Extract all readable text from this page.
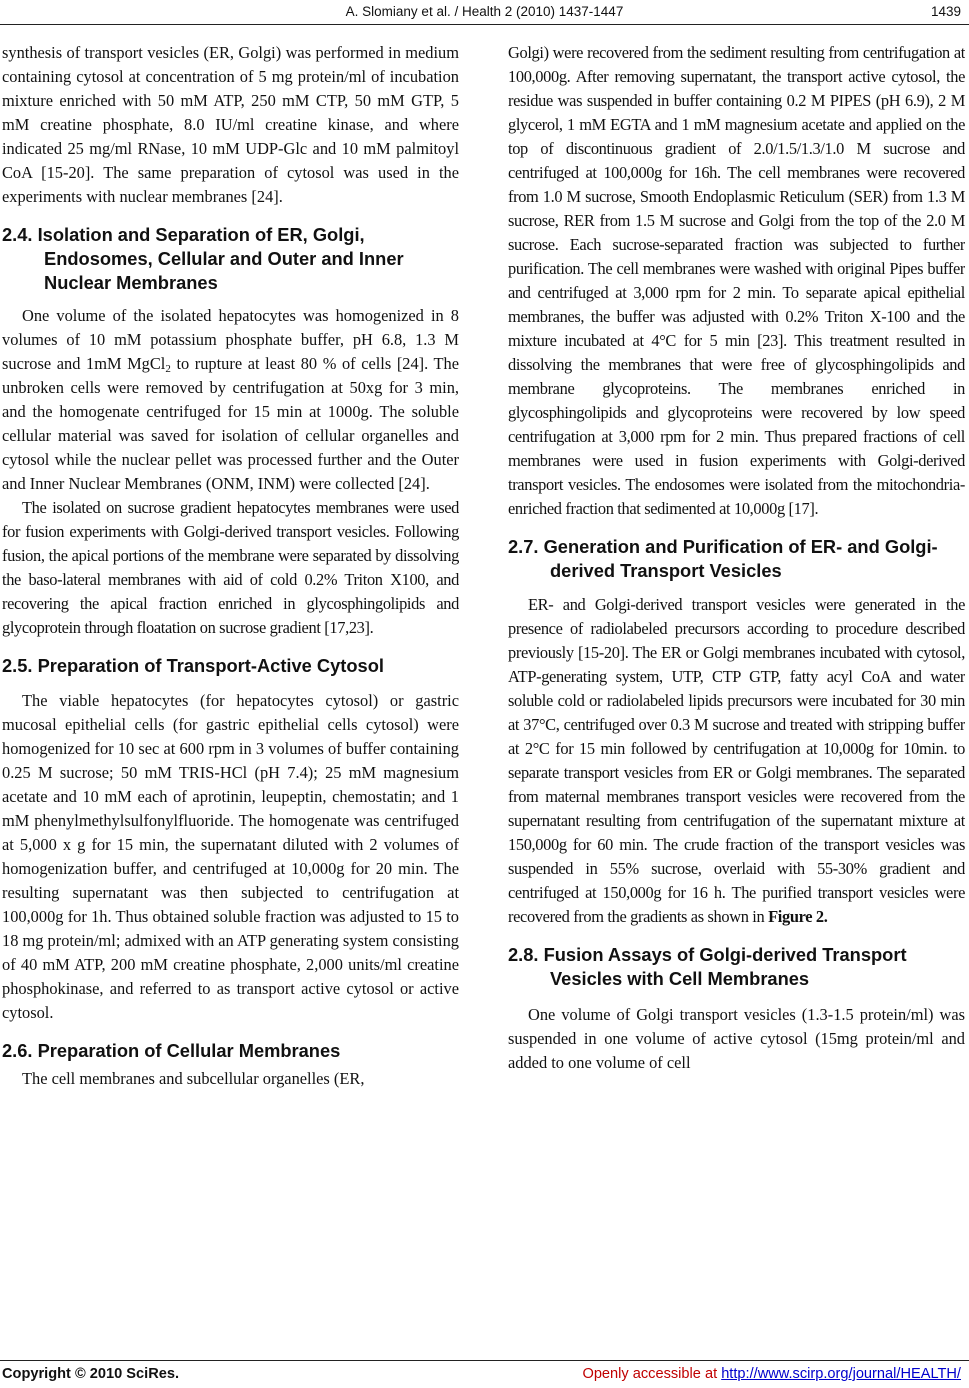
A. Slomiany et al. / Health 2 (2010) 1437-1447	1439

synthesis of transport vesicles (ER, Golgi) was performed in medium containing cytosol at concentration of 5 mg protein/ml of incubation mixture enriched with 50 mM ATP, 250 mM CTP, 50 mM GTP, 5 mM creatine phosphate, 8.0 IU/ml creatine kinase, and where indicated 25 mg/ml RNase, 10 mM UDP-Glc and 10 mM palmitoyl CoA [15-20]. The same preparation of cytosol was used in the experiments with nuclear membranes [24].

2.4. Isolation and Separation of ER, Golgi, Endosomes, Cellular and Outer and Inner Nuclear Membranes

One volume of the isolated hepatocytes was homogenized in 8 volumes of 10 mM potassium phosphate buffer, pH 6.8, 1.3 M sucrose and 1mM MgCl$_2$ to rupture at least 80 % of cells [24]. The unbroken cells were removed by centrifugation at 50xg for 3 min, and the homogenate centrifuged for 15 min at 1000g. The soluble cellular material was saved for isolation of cellular organelles and cytosol while the nuclear pellet was processed further and the Outer and Inner Nuclear Membranes (ONM, INM) were collected [24].

The isolated on sucrose gradient hepatocytes membranes were used for fusion experiments with Golgi-derived transport vesicles. Following fusion, the apical portions of the membrane were separated by dissolving the baso-lateral membranes with aid of cold 0.2% Triton X100, and recovering the apical fraction enriched in glycosphingolipids and glycoprotein through floatation on sucrose gradient [17,23].

2.5. Preparation of Transport-Active Cytosol

The viable hepatocytes (for hepatocytes cytosol) or gastric mucosal epithelial cells (for gastric epithelial cells cytosol) were homogenized for 10 sec at 600 rpm in 3 volumes of buffer containing 0.25 M sucrose; 50 mM TRIS-HCl (pH 7.4); 25 mM magnesium acetate and 10 mM each of aprotinin, leupeptin, chemostatin; and 1 mM phenylmethylsulfonylfluoride. The homogenate was centrifuged at 5,000 x g for 15 min, the supernatant diluted with 2 volumes of homogenization buffer, and centrifuged at 10,000g for 20 min. The resulting supernatant was then subjected to centrifugation at 100,000g for 1h. Thus obtained soluble fraction was adjusted to 15 to 18 mg protein/ml; admixed with an ATP generating system consisting of 40 mM ATP, 200 mM creatine phosphate, 2,000 units/ml creatine phosphokinase, and referred to as transport active cytosol or active cytosol.

2.6. Preparation of Cellular Membranes

The cell membranes and subcellular organelles (ER,

Golgi) were recovered from the sediment resulting from centrifugation at 100,000g. After removing supernatant, the transport active cytosol, the residue was suspended in buffer containing 0.2 M PIPES (pH 6.9), 2 M glycerol, 1 mM EGTA and 1 mM magnesium acetate and applied on the top of discontinuous gradient of 2.0/1.5/1.3/1.0 M sucrose and centrifuged at 100,000g for 16h. The cell membranes were recovered from 1.0 M sucrose, Smooth Endoplasmic Reticulum (SER) from 1.3 M sucrose, RER from 1.5 M sucrose and Golgi from the top of the 2.0 M sucrose. Each sucrose-separated fraction was subjected to further purification. The cell membranes were washed with original Pipes buffer and centrifuged at 3,000 rpm for 2 min. To separate apical epithelial membranes, the buffer was adjusted with 0.2% Triton X-100 and the mixture incubated at 4°C for 5 min [23]. This treatment resulted in dissolving the membranes that were free of glycosphingolipids and membrane glycoproteins. The membranes enriched in glycosphingolipids and glycoproteins were recovered by low speed centrifugation at 3,000 rpm for 2 min. Thus prepared fractions of cell membranes were used in fusion experiments with Golgi-derived transport vesicles. The endosomes were isolated from the mitochondria-enriched fraction that sedimented at 10,000g [17].

2.7. Generation and Purification of ER- and Golgi-derived Transport Vesicles

ER- and Golgi-derived transport vesicles were generated in the presence of radiolabeled precursors according to procedure described previously [15-20]. The ER or Golgi membranes incubated with cytosol, ATP-generating system, UTP, CTP GTP, fatty acyl CoA and water soluble cold or radiolabeled lipids precursors were incubated for 30 min at 37°C, centrifuged over 0.3 M sucrose and treated with stripping buffer at 2°C for 15 min followed by centrifugation at 10,000g for 10min. to separate transport vesicles from ER or Golgi membranes. The separated from maternal membranes transport vesicles were recovered from the supernatant resulting from centrifugation of the supernatant mixture at 150,000g for 60 min. The crude fraction of the transport vesicles was suspended in 55% sucrose, overlaid with 55-30% gradient and centrifuged at 150,000g for 16 h. The purified transport vesicles were recovered from the gradients as shown in Figure 2.

2.8. Fusion Assays of Golgi-derived Transport Vesicles with Cell Membranes

One volume of Golgi transport vesicles (1.3-1.5 protein/ml) was suspended in one volume of active cytosol (15mg protein/ml and added to one volume of cell

Copyright © 2010 SciRes.	Openly accessible at http://www.scirp.org/journal/HEALTH/
